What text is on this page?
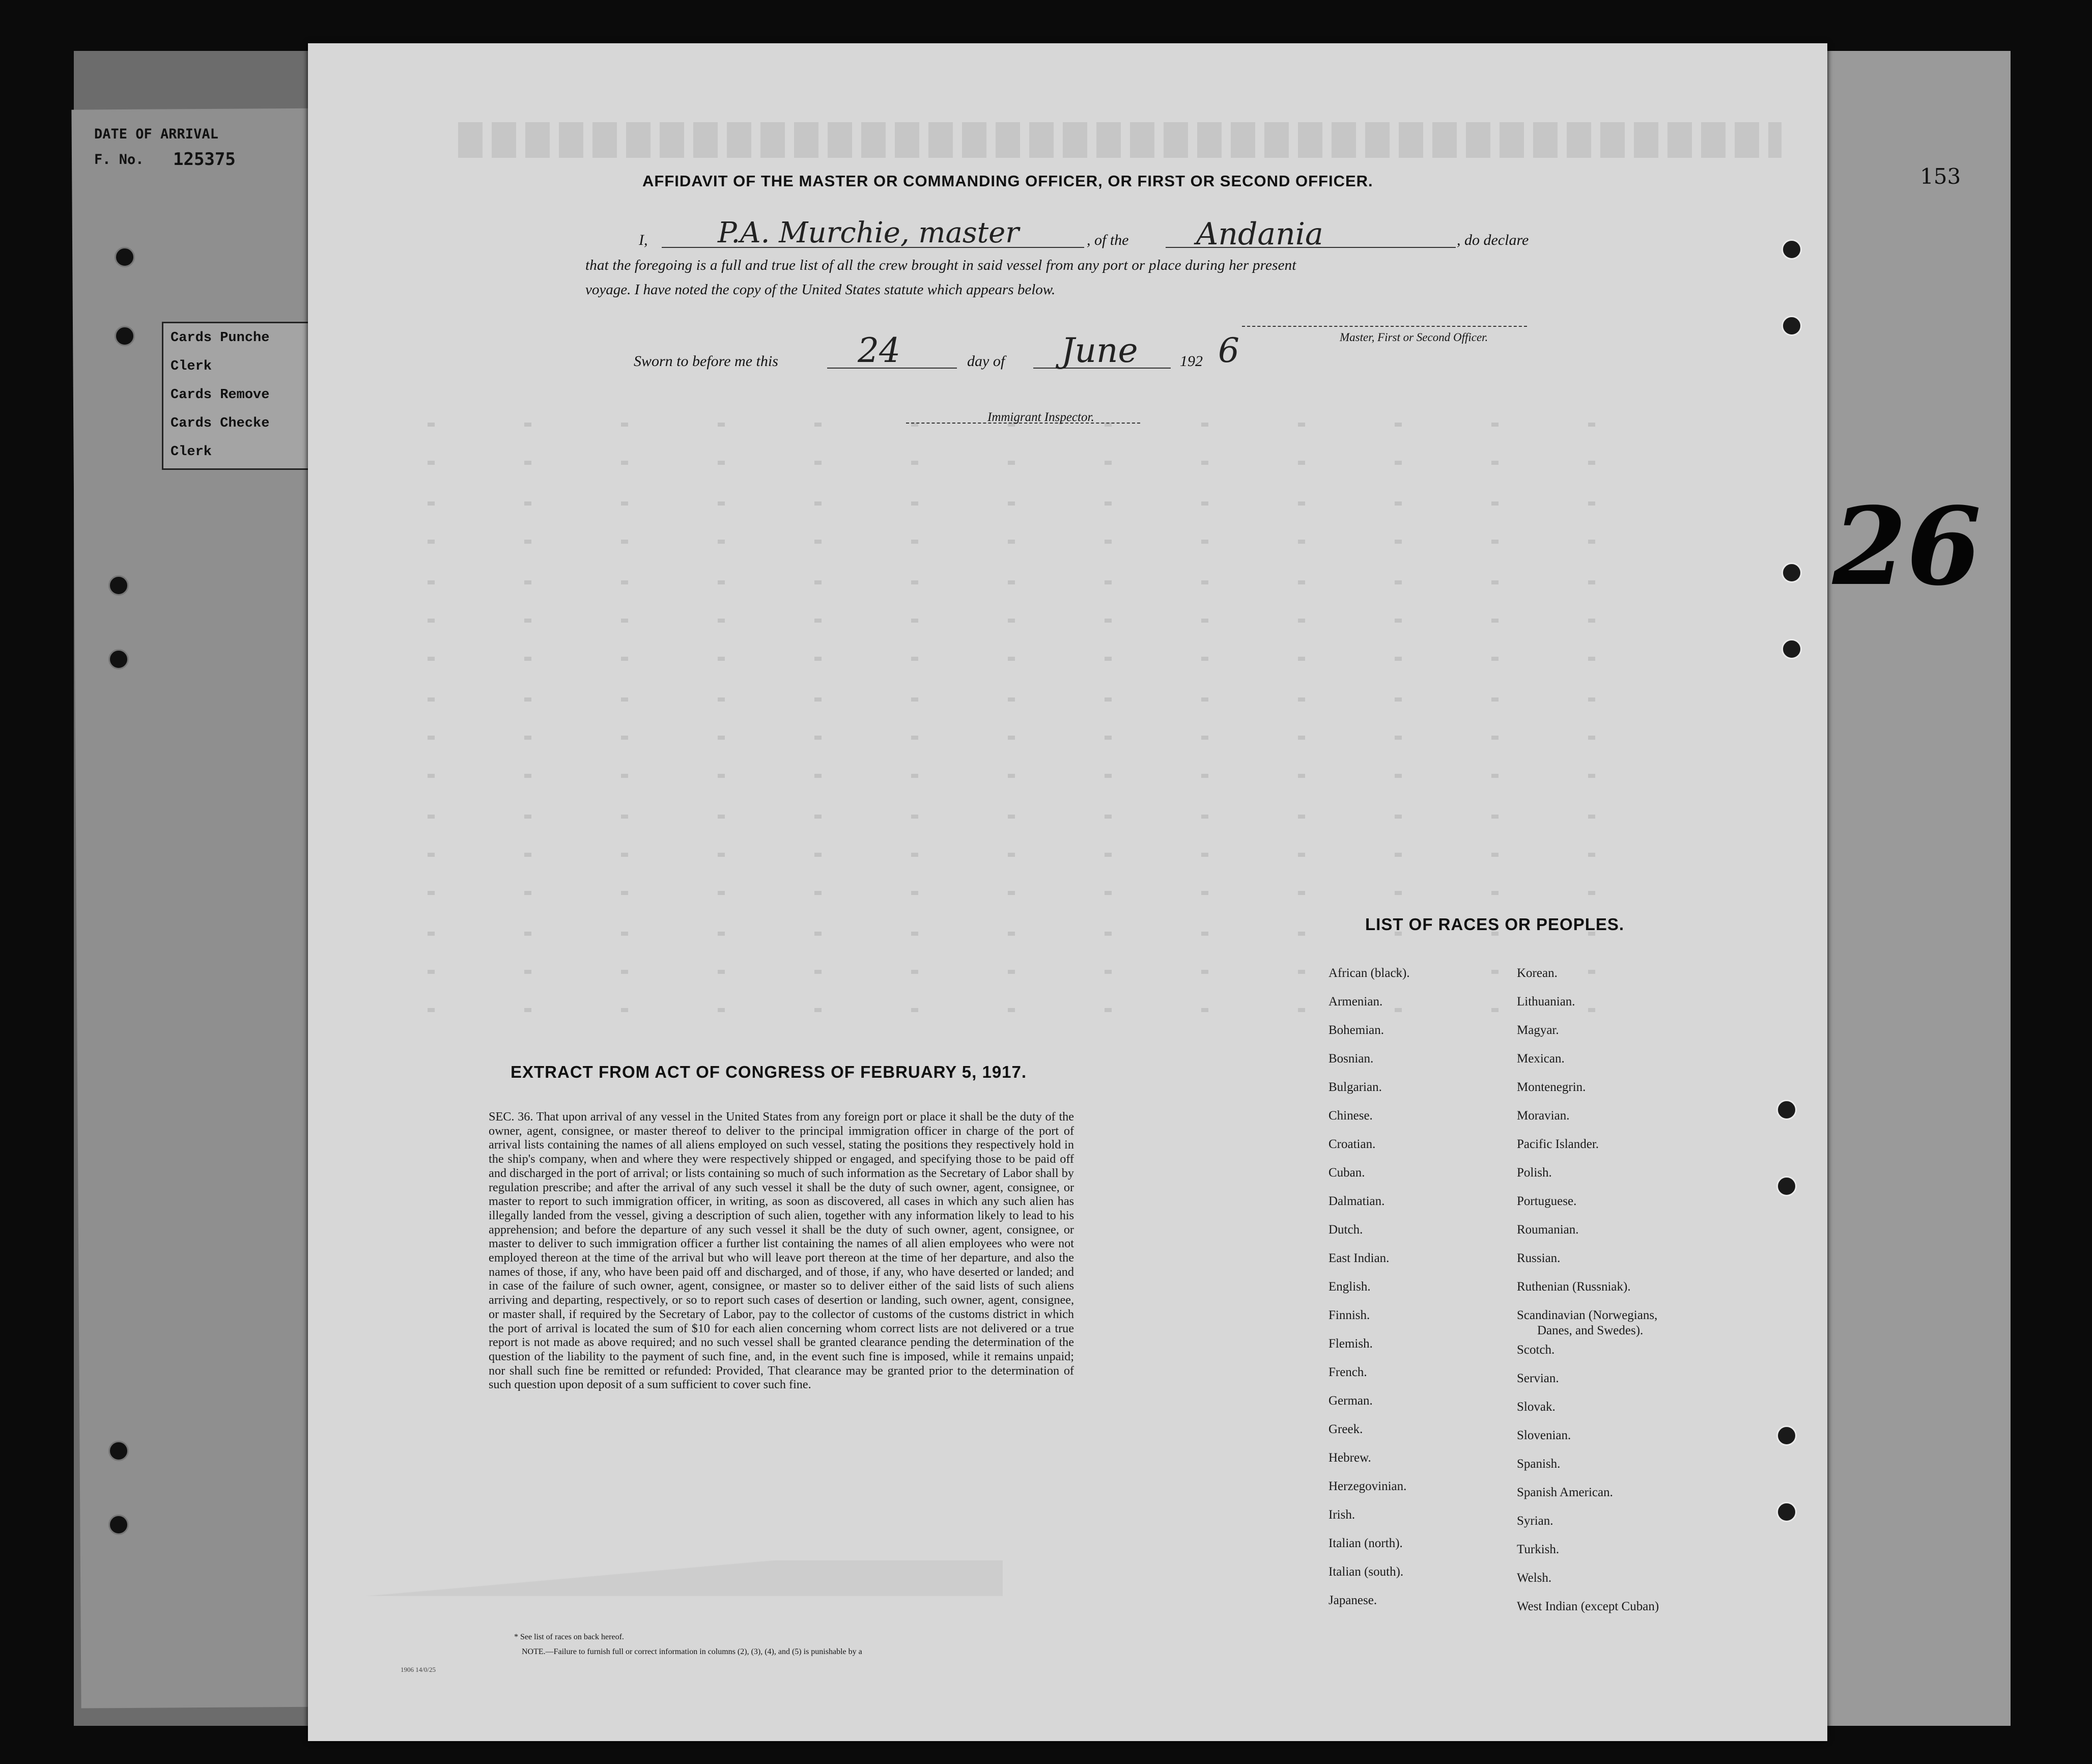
DATE OF ARRIVAL
F. No. 125375
Cards Punche
Clerk
Cards Remove
Cards Checke
Clerk
153
26
AFFIDAVIT OF THE MASTER OR COMMANDING OFFICER, OR FIRST OR SECOND OFFICER.
I, P.A. Murchie, master	, of the Andania	, do declare
that the foregoing is a full and true list of all the crew brought in said vessel from any port or place during her present
voyage. I have noted the copy of the United States statute which appears below.
Master, First or Second Officer.
Sworn to before me this 24	day of June	192 6
Immigrant Inspector.
EXTRACT FROM ACT OF CONGRESS OF FEBRUARY 5, 1917.
SEC. 36. That upon arrival of any vessel in the United States from any foreign port or place it shall be the duty of the owner, agent, consignee, or master thereof to deliver to the principal immigration officer in charge of the port of arrival lists containing the names of all aliens employed on such vessel, stating the positions they respectively hold in the ship's company, when and where they were respectively shipped or engaged, and specifying those to be paid off and discharged in the port of arrival; or lists containing so much of such information as the Secretary of Labor shall by regulation prescribe; and after the arrival of any such vessel it shall be the duty of such owner, agent, consignee, or master to report to such immigration officer, in writing, as soon as discovered, all cases in which any such alien has illegally landed from the vessel, giving a description of such alien, together with any information likely to lead to his apprehension; and before the departure of any such vessel it shall be the duty of such owner, agent, consignee, or master to deliver to such immigration officer a further list containing the names of all alien employees who were not employed thereon at the time of the arrival but who will leave port thereon at the time of her departure, and also the names of those, if any, who have been paid off and discharged, and of those, if any, who have deserted or landed; and in case of the failure of such owner, agent, consignee, or master so to deliver either of the said lists of such aliens arriving and departing, respectively, or so to report such cases of desertion or landing, such owner, agent, consignee, or master shall, if required by the Secretary of Labor, pay to the collector of customs of the customs district in which the port of arrival is located the sum of $10 for each alien concerning whom correct lists are not delivered or a true report is not made as above required; and no such vessel shall be granted clearance pending the determination of the question of the liability to the payment of such fine, and, in the event such fine is imposed, while it remains unpaid; nor shall such fine be remitted or refunded: Provided, That clearance may be granted prior to the determination of such question upon deposit of a sum sufficient to cover such fine.
LIST OF RACES OR PEOPLES.
African (black).
Armenian.
Bohemian.
Bosnian.
Bulgarian.
Chinese.
Croatian.
Cuban.
Dalmatian.
Dutch.
East Indian.
English.
Finnish.
Flemish.
French.
German.
Greek.
Hebrew.
Herzegovinian.
Irish.
Italian (north).
Italian (south).
Japanese.
Korean.
Lithuanian.
Magyar.
Mexican.
Montenegrin.
Moravian.
Pacific Islander.
Polish.
Portuguese.
Roumanian.
Russian.
Ruthenian (Russniak).
Scandinavian (Norwegians,
Danes, and Swedes).
Scotch.
Servian.
Slovak.
Slovenian.
Spanish.
Spanish American.
Syrian.
Turkish.
Welsh.
West Indian (except Cuban)
* See list of races on back hereof.
NOTE.—Failure to furnish full or correct information in columns (2), (3), (4), and (5) is punishable by a
1906 14/0/25
